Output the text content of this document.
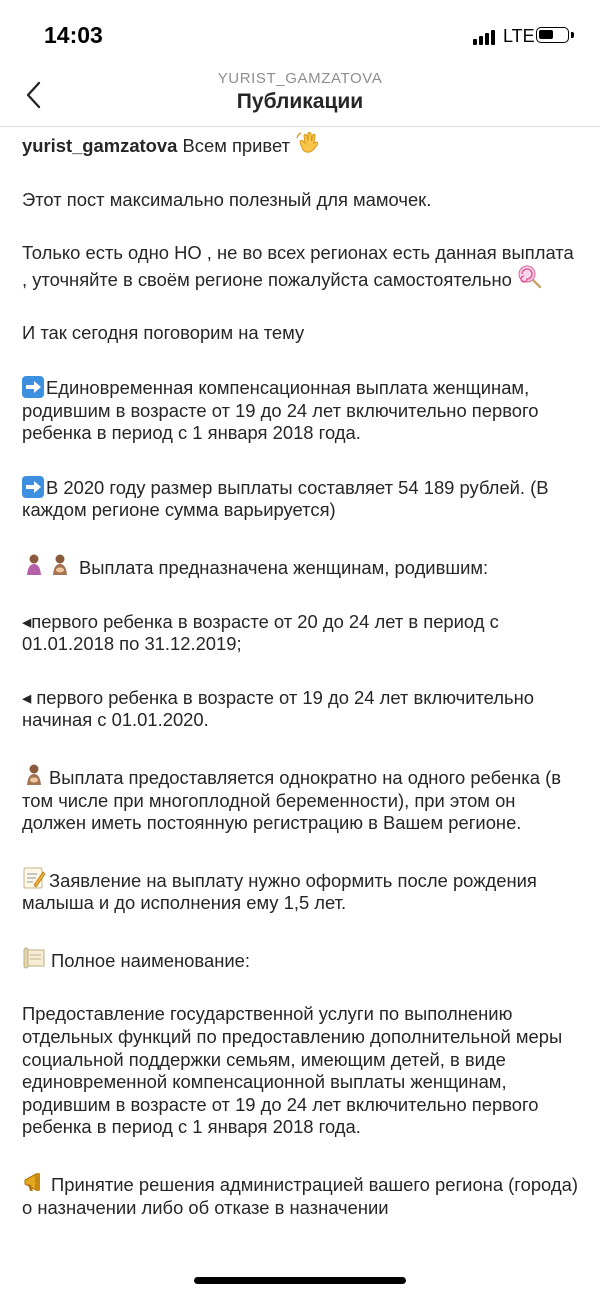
14:03	LTE
YURIST_GAMZATOVA
Публикации

yurist_gamzatova Всем привет

Этот пост максимально полезный для мамочек.

Только есть одно НО , не во всех регионах есть данная выплата , уточняйте в своём регионе пожалуйста самостоятельно

И так сегодня поговорим на тему

Единовременная компенсационная выплата женщинам, родившим в возрасте от 19 до 24 лет включительно первого ребенка в период с 1 января 2018 года.

В 2020 году размер выплаты составляет 54 189 рублей. (В каждом регионе сумма варьируется)

Выплата предназначена женщинам, родившим:

◂первого ребенка в возрасте от 20 до 24 лет в период с 01.01.2018 по 31.12.2019;

◂ первого ребенка в возрасте от 19 до 24 лет включительно начиная с 01.01.2020.

Выплата предоставляется однократно на одного ребенка (в том числе при многоплодной беременности), при этом он должен иметь постоянную регистрацию в Вашем регионе.

Заявление на выплату нужно оформить после рождения малыша и до исполнения ему 1,5 лет.

Полное наименование:

Предоставление государственной услуги по выполнению отдельных функций по предоставлению дополнительной меры социальной поддержки семьям, имеющим детей, в виде единовременной компенсационной выплаты женщинам, родившим в возрасте от 19 до 24 лет включительно первого ребенка в период с 1 января 2018 года.

Принятие решения администрацией вашего региона (города) о назначении либо об отказе в назначении
